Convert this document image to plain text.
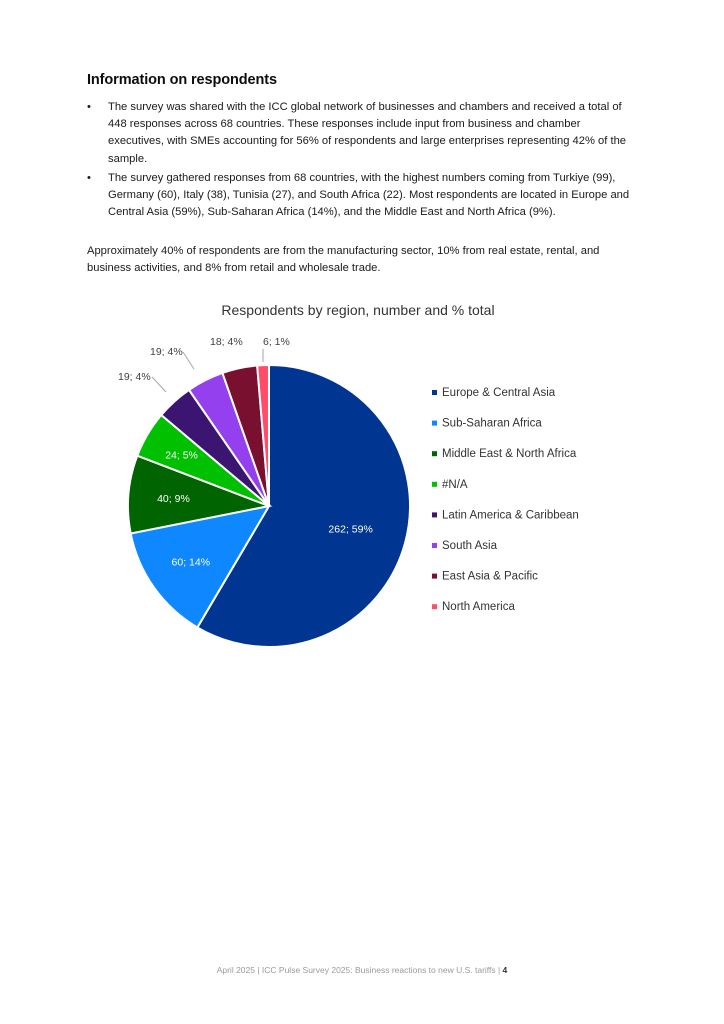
Information on respondents
• The survey was shared with the ICC global network of businesses and chambers and received a total of 448 responses across 68 countries. These responses include input from business and chamber executives, with SMEs accounting for 56% of respondents and large enterprises representing 42% of the sample.
• The survey gathered responses from 68 countries, with the highest numbers coming from Turkiye (99), Germany (60), Italy (38), Tunisia (27), and South Africa (22). Most respondents are located in Europe and Central Asia (59%), Sub-Saharan Africa (14%), and the Middle East and North Africa (9%).
Approximately 40% of respondents are from the manufacturing sector, 10% from real estate, rental, and business activities, and 8% from retail and wholesale trade.
Respondents by region, number and % total
262; 59%
60; 14%
40; 9%
24; 5%
19; 4%
19; 4%
18; 4% 6; 1%
Europe & Central Asia
Sub-Saharan Africa
Middle East & North Africa
#N/A
Latin America & Caribbean
South Asia
East Asia & Pacific
North America
April 2025 | ICC Pulse Survey 2025: Business reactions to new U.S. tariffs | 4
